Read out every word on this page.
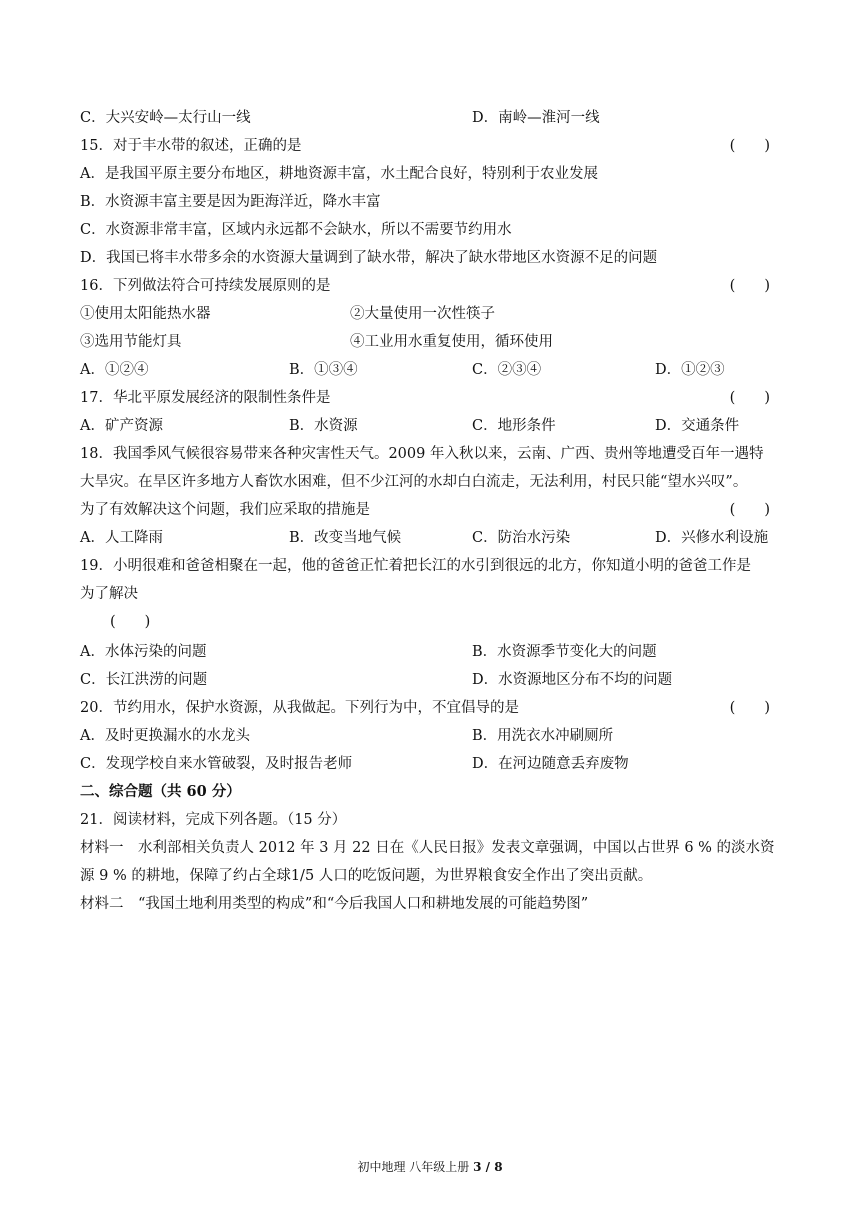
C．大兴安岭—太行山一线	D．南岭—淮河一线
15．对于丰水带的叙述，正确的是	(　　)
A．是我国平原主要分布地区，耕地资源丰富，水土配合良好，特别利于农业发展
B．水资源丰富主要是因为距海洋近，降水丰富
C．水资源非常丰富，区域内永远都不会缺水，所以不需要节约用水
D．我国已将丰水带多余的水资源大量调到了缺水带，解决了缺水带地区水资源不足的问题
16．下列做法符合可持续发展原则的是	(　　)
①使用太阳能热水器	②大量使用一次性筷子
③选用节能灯具	④工业用水重复使用，循环使用
A．①②④	B．①③④	C．②③④	D．①②③
17．华北平原发展经济的限制性条件是	(　　)
A．矿产资源	B．水资源	C．地形条件	D．交通条件
18．我国季风气候很容易带来各种灾害性天气。2009 年入秋以来，云南、广西、贵州等地遭受百年一遇特
大旱灾。在旱区许多地方人畜饮水困难，但不少江河的水却白白流走，无法利用，村民只能“望水兴叹”。
为了有效解决这个问题，我们应采取的措施是	(　　)
A．人工降雨	B．改变当地气候	C．防治水污染	D．兴修水利设施
19．小明很难和爸爸相聚在一起，他的爸爸正忙着把长江的水引到很远的北方，你知道小明的爸爸工作是
为了解决
(　　)
A．水体污染的问题	B．水资源季节变化大的问题
C．长江洪涝的问题	D．水资源地区分布不均的问题
20．节约用水，保护水资源，从我做起。下列行为中，不宜倡导的是	(　　)
A．及时更换漏水的水龙头	B．用洗衣水冲刷厕所
C．发现学校自来水管破裂，及时报告老师	D．在河边随意丢弃废物
二、综合题（共 60 分）
21．阅读材料，完成下列各题。（15 分）
材料一　水利部相关负责人 2012 年 3 月 22 日在《人民日报》发表文章强调，中国以占世界 6 % 的淡水资
源 9 % 的耕地，保障了约占全球1/5 人口的吃饭问题，为世界粮食安全作出了突出贡献。
材料二　“我国土地利用类型的构成”和“今后我国人口和耕地发展的可能趋势图”
初中地理 八年级上册 3 / 8
